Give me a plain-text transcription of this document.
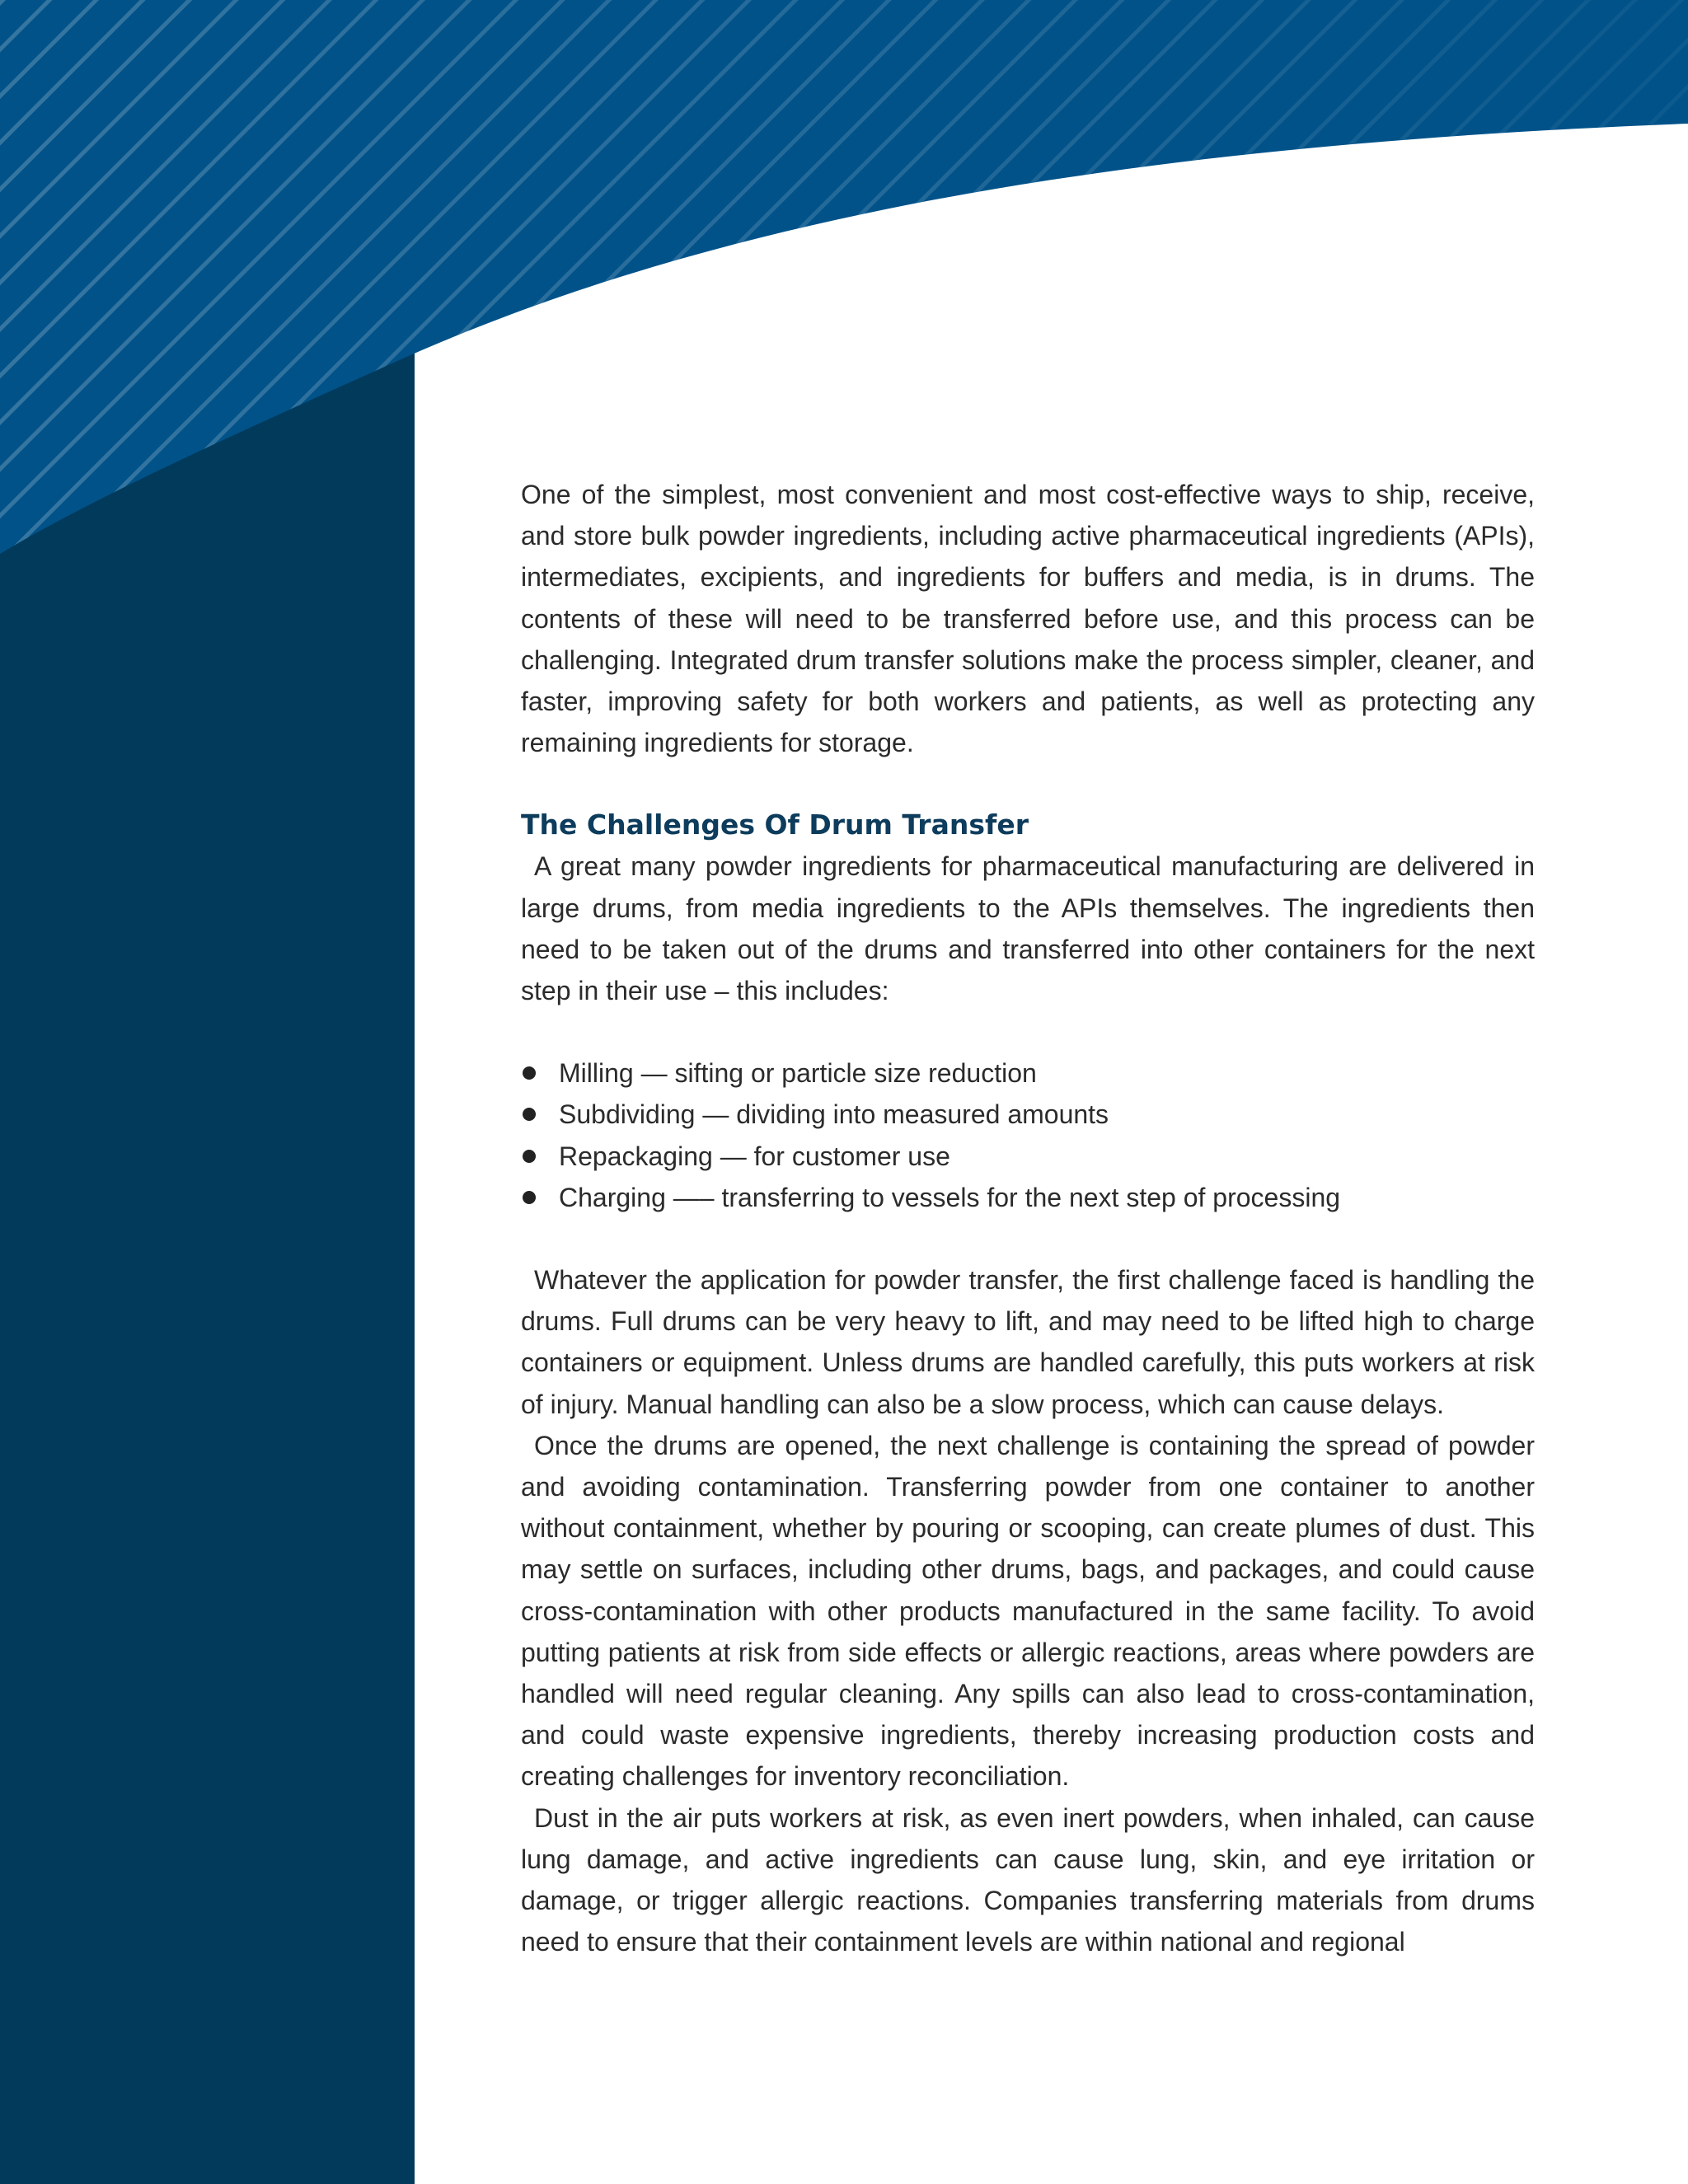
One of the simplest, most convenient and most cost-effective ways to ship, receive, and store bulk powder ingredients, including active pharmaceutical ingredients (APIs), intermediates, excipients, and ingredients for buffers and media, is in drums. The contents of these will need to be transferred before use, and this process can be challenging. Integrated drum transfer solutions make the process simpler, cleaner, and faster, improving safety for both workers and patients, as well as protecting any remaining ingredients for storage.

The Challenges Of Drum Transfer

A great many powder ingredients for pharmaceutical manufacturing are delivered in large drums, from media ingredients to the APIs themselves. The ingredients then need to be taken out of the drums and transferred into other containers for the next step in their use – this includes:

Milling — sifting or particle size reduction
Subdividing — dividing into measured amounts
Repackaging — for customer use
Charging —– transferring to vessels for the next step of processing

Whatever the application for powder transfer, the first challenge faced is handling the drums. Full drums can be very heavy to lift, and may need to be lifted high to charge containers or equipment. Unless drums are handled carefully, this puts workers at risk of injury. Manual handling can also be a slow process, which can cause delays.

Once the drums are opened, the next challenge is containing the spread of powder and avoiding contamination. Transferring powder from one container to another without containment, whether by pouring or scooping, can create plumes of dust. This may settle on surfaces, including other drums, bags, and packages, and could cause cross-contamination with other products manufactured in the same facility. To avoid putting patients at risk from side effects or allergic reactions, areas where powders are handled will need regular cleaning. Any spills can also lead to cross-contamination, and could waste expensive ingredients, thereby increasing production costs and creating challenges for inventory reconciliation.

Dust in the air puts workers at risk, as even inert powders, when inhaled, can cause lung damage, and active ingredients can cause lung, skin, and eye irritation or damage, or trigger allergic reactions. Companies transferring materials from drums need to ensure that their containment levels are within national and regional
